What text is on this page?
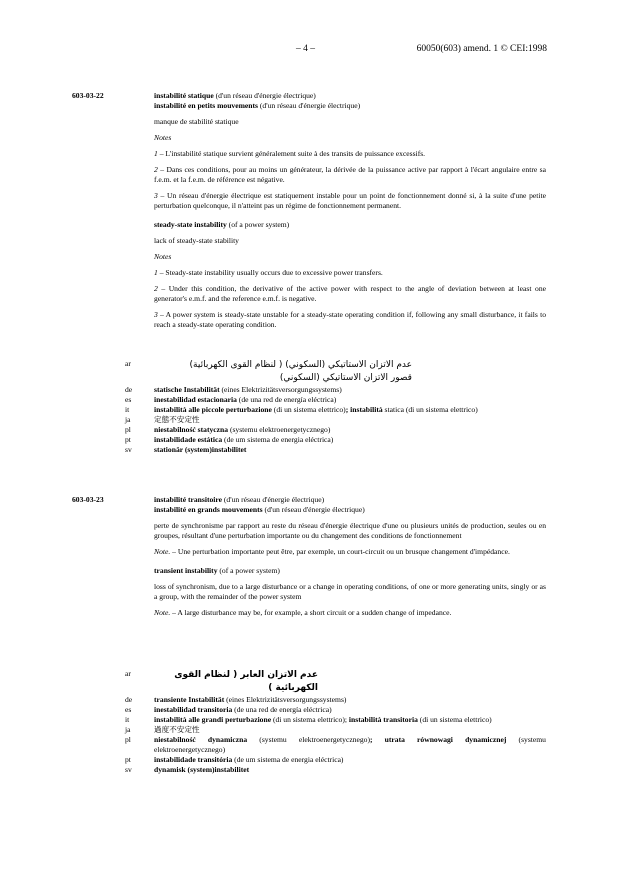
– 4 –	60050(603) amend. 1 © CEI:1998
603-03-22	instabilité statique (d'un réseau d'énergie électrique)

instabilité en petits mouvements (d'un réseau d'énergie électrique)

manque de stabilité statique

Notes

1 – L'instabilité statique survient généralement suite à des transits de puissance excessifs.

2 – Dans ces conditions, pour au moins un générateur, la dérivée de la puissance active par rapport à l'écart angulaire entre sa f.e.m. et la f.e.m. de référence est négative.

3 – Un réseau d'énergie électrique est statiquement instable pour un point de fonctionnement donné si, à la suite d'une petite perturbation quelconque, il n'atteint pas un régime de fonctionnement permanent.

steady-state instability (of a power system)

lack of steady-state stability

Notes

1 – Steady-state instability usually occurs due to excessive power transfers.

2 – Under this condition, the derivative of the active power with respect to the angle of deviation between at least one generator's e.m.f. and the reference e.m.f. is negative.

3 – A power system is steady-state unstable for a steady-state operating condition if, following any small disturbance, it fails to reach a steady-state operating condition.

ar	عدم الاتزان الاستاتيكي (السكوني) ( لنظام القوى الكهربائية)
قصور الاتزان الاستاتيكي (السكوني)
de	statische Instabilität (eines Elektrizitätsversorgungssystems)
es	inestabilidad estacionaria (de una red de energía eléctrica)
it	instabilità alle piccole perturbazione (di un sistema elettrico); instabilità statica (di un sistema elettrico)
ja	定態不安定性
pl	niestabilność statyczna (systemu elektroenergetycznego)
pt	instabilidade estática (de um sistema de energia eléctrica)
sv	stationär (system)instabilitet
603-03-23	instabilité transitoire (d'un réseau d'énergie électrique)

instabilité en grands mouvements (d'un réseau d'énergie électrique)

perte de synchronisme par rapport au reste du réseau d'énergie électrique d'une ou plusieurs unités de production, seules ou en groupes, résultant d'une perturbation importante ou du changement des conditions de fonctionnement

Note. – Une perturbation importante peut être, par exemple, un court-circuit ou un brusque changement d'impédance.

transient instability (of a power system)

loss of synchronism, due to a large disturbance or a change in operating conditions, of one or more generating units, singly or as a group, with the remainder of the power system

Note. – A large disturbance may be, for example, a short circuit or a sudden change of impedance.

ar	عدم الاتزان العابر ( لنظام القوى الكهربائية )
de	transiente Instabilität (eines Elektrizitätsversorgungssystems)
es	inestabilidad transitoria (de una red de energía eléctrica)
it	instabilità alle grandi perturbazione (di un sistema elettrico); instabilità transitoria (di un sistema elettrico)
ja	過度不安定性
pl	niestabilność dynamiczna (systemu elektroenergetycznego); utrata równowagi dynamicznej (systemu elektroenergetycznego)
pt	instabilidade transitória (de um sistema de energia eléctrica)
sv	dynamisk (system)instabilitet
